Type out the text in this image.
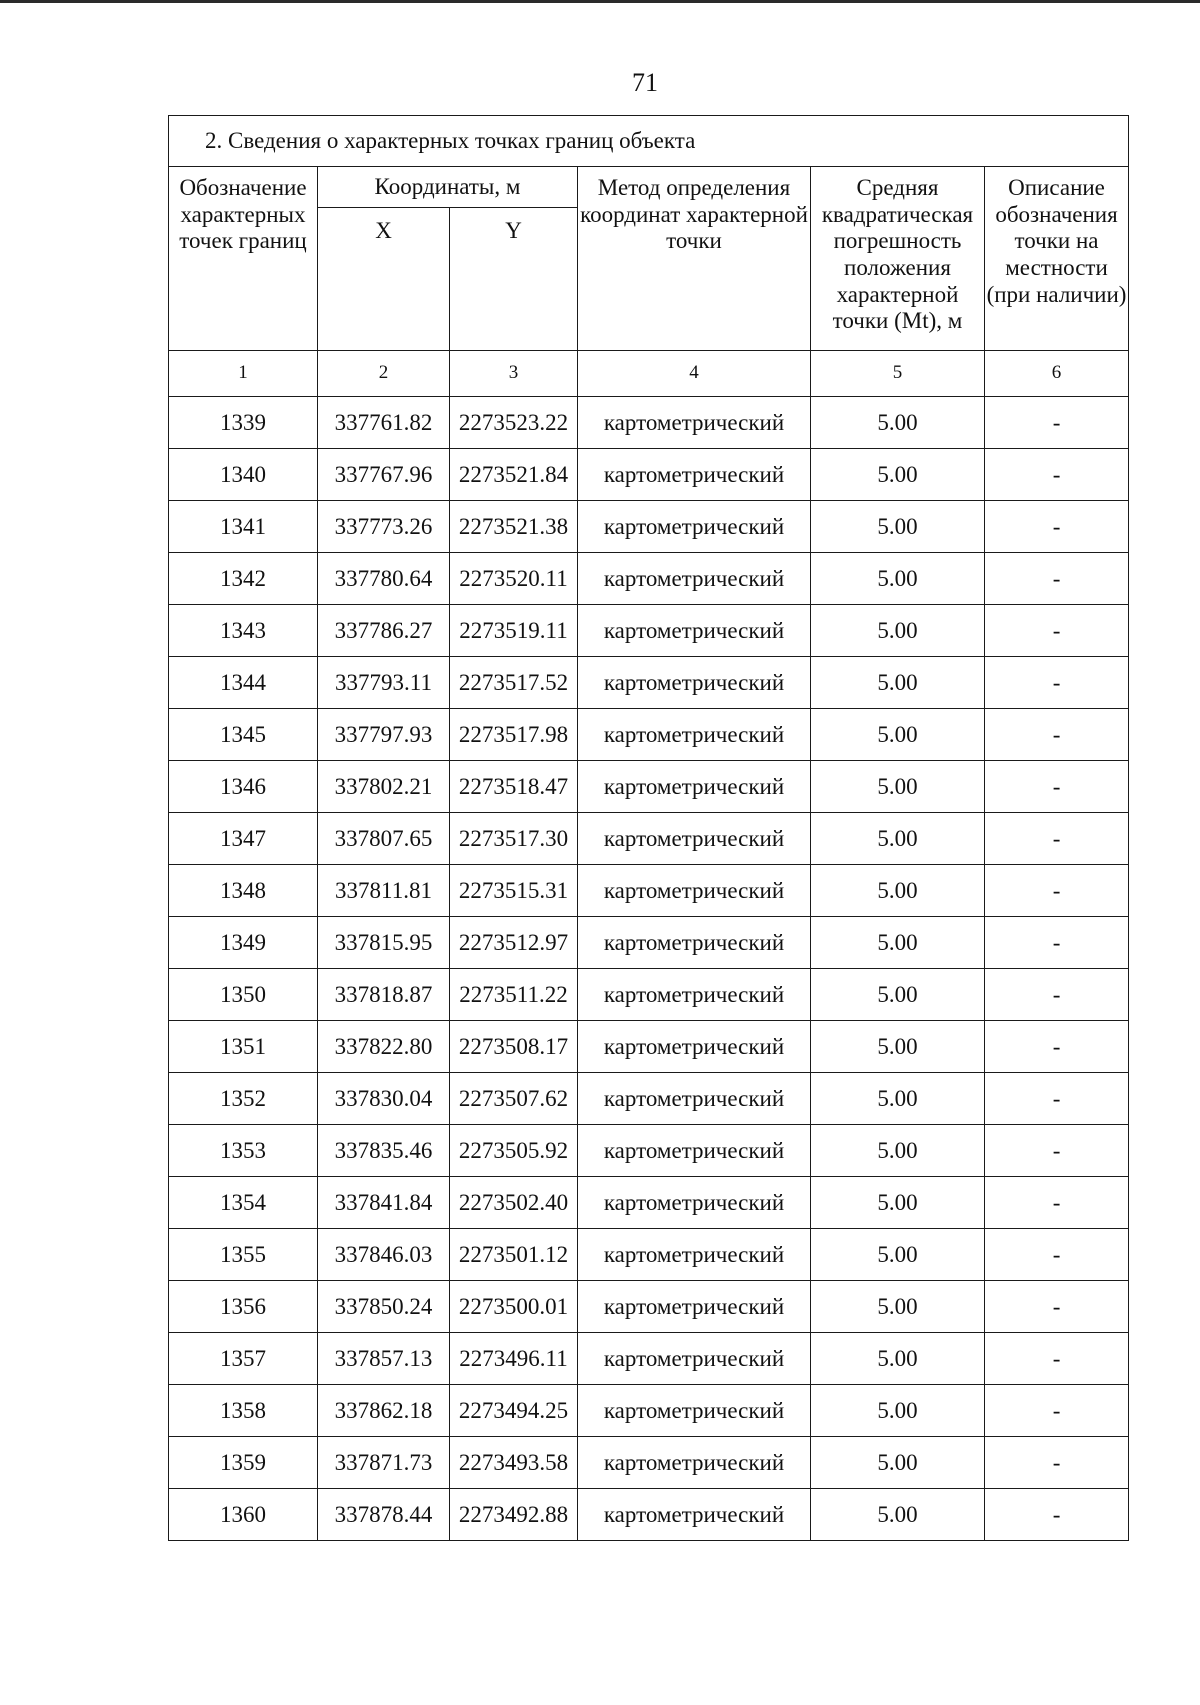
71
2. Сведения о характерных точках границ объекта					
Обозначение характерных точек границ	Координаты, м		Метод определения координат характерной точки	Средняя квадратическая погрешность положения характерной точки (Mt), м	Описание обозначения точки на местности (при наличии)
	X	Y			
1	2	3	4	5	6
1339	337761.82	2273523.22	картометрический	5.00	-
1340	337767.96	2273521.84	картометрический	5.00	-
1341	337773.26	2273521.38	картометрический	5.00	-
1342	337780.64	2273520.11	картометрический	5.00	-
1343	337786.27	2273519.11	картометрический	5.00	-
1344	337793.11	2273517.52	картометрический	5.00	-
1345	337797.93	2273517.98	картометрический	5.00	-
1346	337802.21	2273518.47	картометрический	5.00	-
1347	337807.65	2273517.30	картометрический	5.00	-
1348	337811.81	2273515.31	картометрический	5.00	-
1349	337815.95	2273512.97	картометрический	5.00	-
1350	337818.87	2273511.22	картометрический	5.00	-
1351	337822.80	2273508.17	картометрический	5.00	-
1352	337830.04	2273507.62	картометрический	5.00	-
1353	337835.46	2273505.92	картометрический	5.00	-
1354	337841.84	2273502.40	картометрический	5.00	-
1355	337846.03	2273501.12	картометрический	5.00	-
1356	337850.24	2273500.01	картометрический	5.00	-
1357	337857.13	2273496.11	картометрический	5.00	-
1358	337862.18	2273494.25	картометрический	5.00	-
1359	337871.73	2273493.58	картометрический	5.00	-
1360	337878.44	2273492.88	картометрический	5.00	-
